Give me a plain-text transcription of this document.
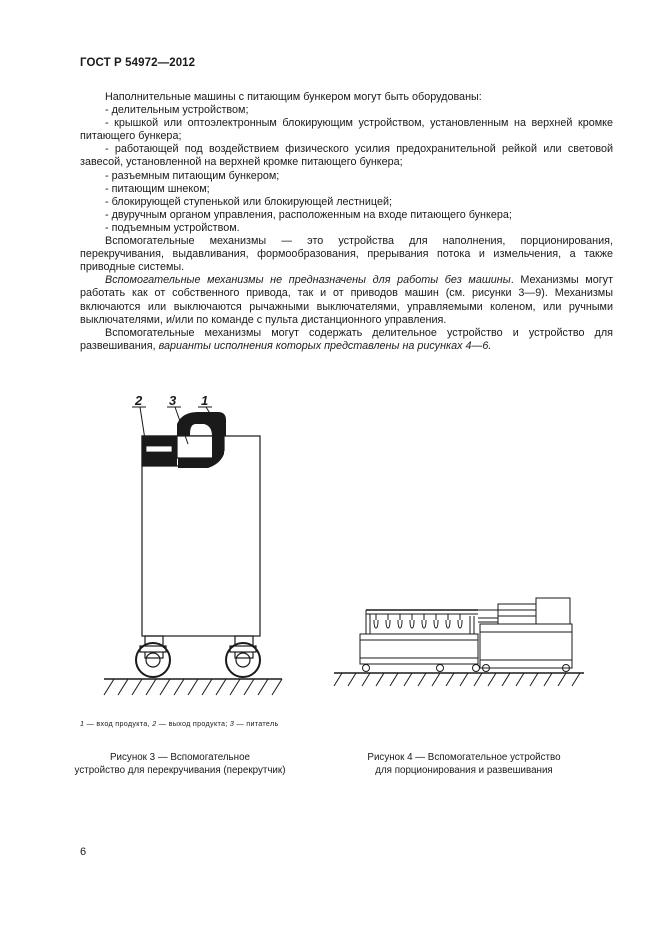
ГОСТ Р 54972—2012

Наполнительные машины с питающим бункером могут быть оборудованы:

- делительным устройством;

- крышкой или оптоэлектронным блокирующим устройством, установленным на верхней кромке питающего бункера;

- работающей под воздействием физического усилия предохранительной рейкой или световой завесой, установленной на верхней кромке питающего бункера;

- разъемным питающим бункером;

- питающим шнеком;

- блокирующей ступенькой или блокирующей лестницей;

- двуручным органом управления, расположенным на входе питающего бункера;

- подъемным устройством.

Вспомогательные механизмы — это устройства для наполнения, порционирования, перекручивания, выдавливания, формообразования, прерывания потока и измельчения, а также приводные системы.

Вспомогательные механизмы не предназначены для работы без машины. Механизмы могут работать как от собственного привода, так и от приводов машин (см. рисунки 3—9). Механизмы включаются или выключаются рычажными выключателями, управляемыми коленом, или ручными выключателями, и/или по команде с пульта дистанционного управления.

Вспомогательные механизмы могут содержать делительное устройство и устройство для развешивания, варианты исполнения которых представлены на рисунках 4—6.

2 3 1
1 — вход продукта, 2 — выход продукта; 3 — питатель
Рисунок 3 — Вспомогательное
устройство для перекручивания (перекрутчик)
Рисунок 4 — Вспомогательное устройство
для порционирования и развешивания
6
